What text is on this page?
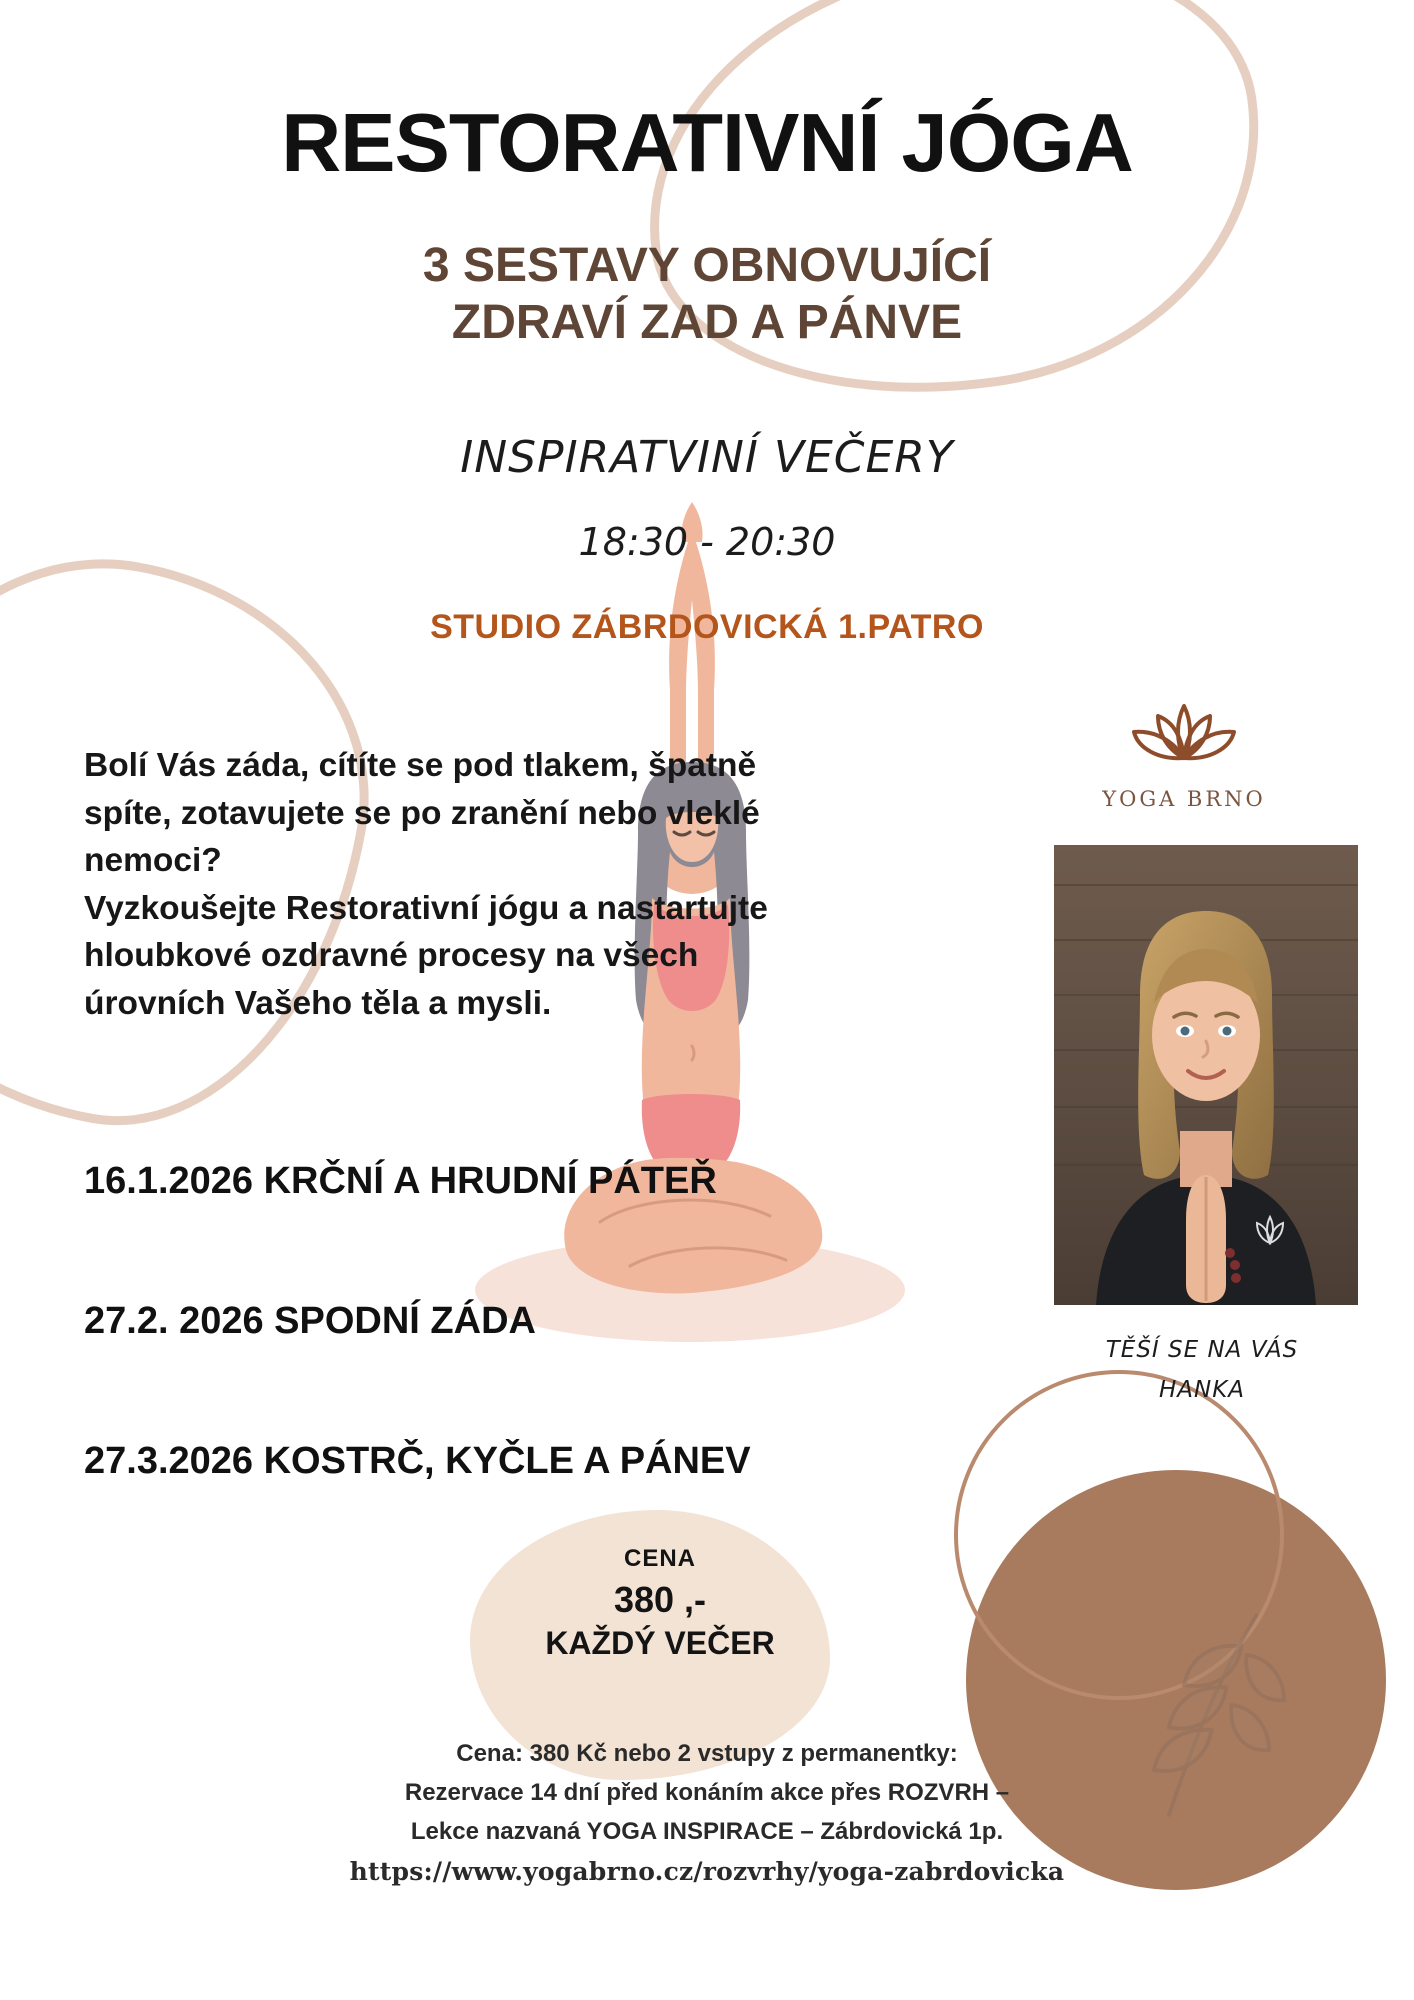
RESTORATIVNÍ JÓGA
3 SESTAVY OBNOVUJÍCÍ
ZDRAVÍ ZAD A PÁNVE
INSPIRATVINÍ VEČERY
18:30 - 20:30
STUDIO ZÁBRDOVICKÁ 1.PATRO
Bolí Vás záda, cítíte se pod tlakem, špatně
spíte, zotavujete se po zranění nebo vleklé
nemoci?
Vyzkoušejte Restorativní jógu a nastartujte
hloubkové ozdravné procesy na všech
úrovních Vašeho těla a mysli.
16.1.2026 KRČNÍ A HRUDNÍ PÁTEŘ
27.2. 2026 SPODNÍ ZÁDA
27.3.2026 KOSTRČ, KYČLE A PÁNEV
CENA
380 ,-
KAŽDÝ VEČER
YOGA BRNO
TĚŠÍ SE NA VÁS
HANKA
Cena: 380 Kč nebo 2 vstupy z permanentky:
Rezervace 14 dní před konáním akce přes ROZVRH –
Lekce nazvaná YOGA INSPIRACE – Zábrdovická 1p.
https://www.yogabrno.cz/rozvrhy/yoga-zabrdovicka
